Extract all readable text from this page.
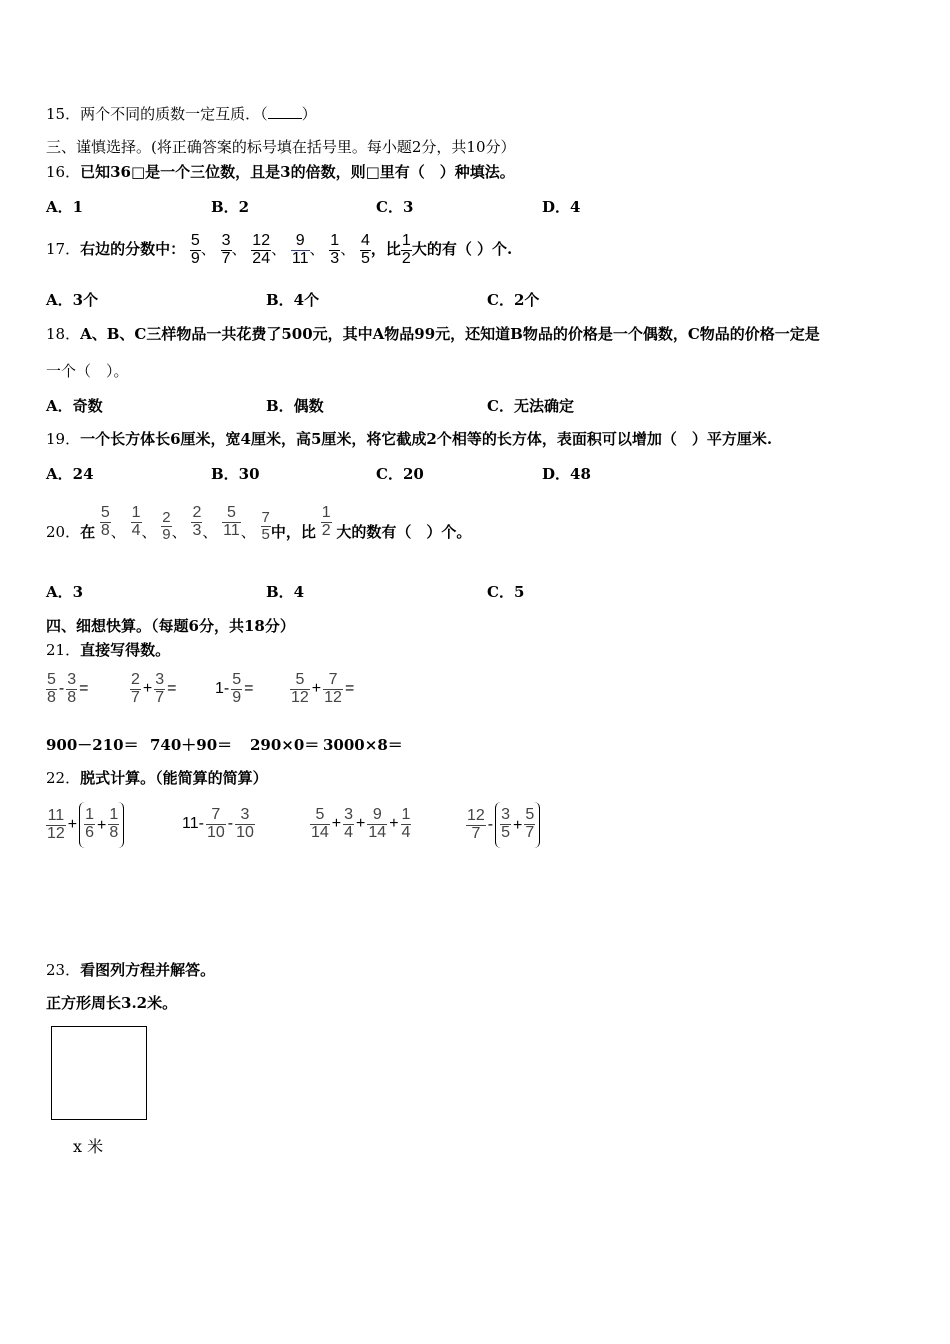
15．两个不同的质数一定互质．（ ）
三、谨慎选择。(将正确答案的标号填在括号里。每小题2分，共10分）
16．已知36□是一个三位数，且是3的倍数，则□里有（　）种填法。
A．1	B．2	C．3	D．4
17．右边的分数中： $\frac{5}{9}$ 、 $\frac{3}{7}$ 、 $\frac{12}{24}$ 、 $\frac{9}{11}$ 、 $\frac{1}{3}$ 、 $\frac{4}{5}$ ，比 $\frac{1}{2}$ 大的有（ ）个.
A．3个	B．4个	C．2个
18．A、B、C三样物品一共花费了500元，其中A物品99元，还知道B物品的价格是一个偶数，C物品的价格一定是
一个（　）。
A．奇数	B．偶数	C．无法确定
19．一个长方体长6厘米，宽4厘米，高5厘米，将它截成2个相等的长方体，表面积可以增加（　）平方厘米.
A．24	B．30	C．20	D．48
20．在 $\frac{5}{8}$ 、 $\frac{1}{4}$ 、 $\frac{2}{9}$ 、 $\frac{2}{3}$ 、 $\frac{5}{11}$ 、 $\frac{7}{5}$ 中，比 $\frac{1}{2}$ 大的数有（　）个。
A．3	B．4	C．5
四、细想快算。（每题6分，共18分）
21．直接写得数。
$\frac{5}{8} - \frac{3}{8}$ =	$\frac{2}{7} + \frac{3}{7} = 1- \frac{5}{9} = \frac{5}{12} + \frac{7}{12}$ =
900－210＝ 740＋90＝ 290×0＝ 3000×8＝
22．脱式计算。（能简算的简算）
$\frac{11}{12} + \frac{1}{6} + \frac{1}{8}$	$11- \frac{7}{10} - \frac{3}{10}$	$\frac{5}{14} + \frac{3}{4} + \frac{9}{14} + \frac{1}{4}$	$\frac{12}{7} - \frac{3}{5} + \frac{5}{7}$
23．看图列方程并解答。
正方形周长3.2米。
x 米
